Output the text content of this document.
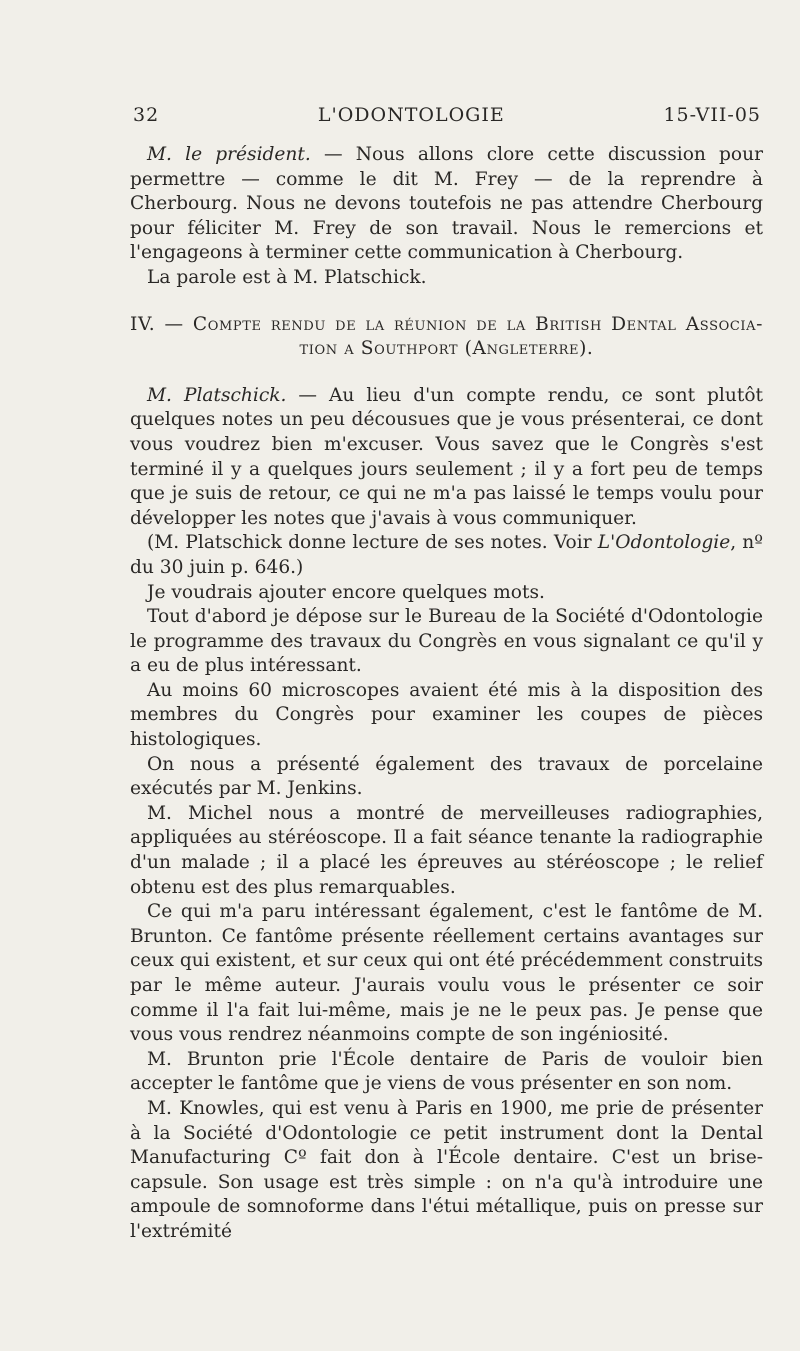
32	L'ODONTOLOGIE	15-VII-05

M. le président. — Nous allons clore cette discussion pour permettre — comme le dit M. Frey — de la reprendre à Cherbourg. Nous ne devons toutefois ne pas attendre Cherbourg pour féliciter M. Frey de son travail. Nous le remercions et l'engageons à terminer cette communication à Cherbourg.

La parole est à M. Platschick.

IV. — Compte rendu de la réunion de la British Dental Associa-
tion a Southport (Angleterre).

M. Platschick. — Au lieu d'un compte rendu, ce sont plutôt quelques notes un peu décousues que je vous présenterai, ce dont vous voudrez bien m'excuser. Vous savez que le Congrès s'est terminé il y a quelques jours seulement ; il y a fort peu de temps que je suis de retour, ce qui ne m'a pas laissé le temps voulu pour développer les notes que j'avais à vous communiquer.

(M. Platschick donne lecture de ses notes. Voir L'Odontologie, nº du 30 juin p. 646.)

Je voudrais ajouter encore quelques mots.

Tout d'abord je dépose sur le Bureau de la Société d'Odontologie le programme des travaux du Congrès en vous signalant ce qu'il y a eu de plus intéressant.

Au moins 60 microscopes avaient été mis à la disposition des membres du Congrès pour examiner les coupes de pièces histologiques.

On nous a présenté également des travaux de porcelaine exécutés par M. Jenkins.

M. Michel nous a montré de merveilleuses radiographies, appliquées au stéréoscope. Il a fait séance tenante la radiographie d'un malade ; il a placé les épreuves au stéréoscope ; le relief obtenu est des plus remarquables.

Ce qui m'a paru intéressant également, c'est le fantôme de M. Brunton. Ce fantôme présente réellement certains avantages sur ceux qui existent, et sur ceux qui ont été précédemment construits par le même auteur. J'aurais voulu vous le présenter ce soir comme il l'a fait lui-même, mais je ne le peux pas. Je pense que vous vous rendrez néanmoins compte de son ingéniosité.

M. Brunton prie l'École dentaire de Paris de vouloir bien accepter le fantôme que je viens de vous présenter en son nom.

M. Knowles, qui est venu à Paris en 1900, me prie de présenter à la Société d'Odontologie ce petit instrument dont la Dental Manufacturing Cº fait don à l'École dentaire. C'est un brise-capsule. Son usage est très simple : on n'a qu'à introduire une ampoule de somnoforme dans l'étui métallique, puis on presse sur l'extrémité
